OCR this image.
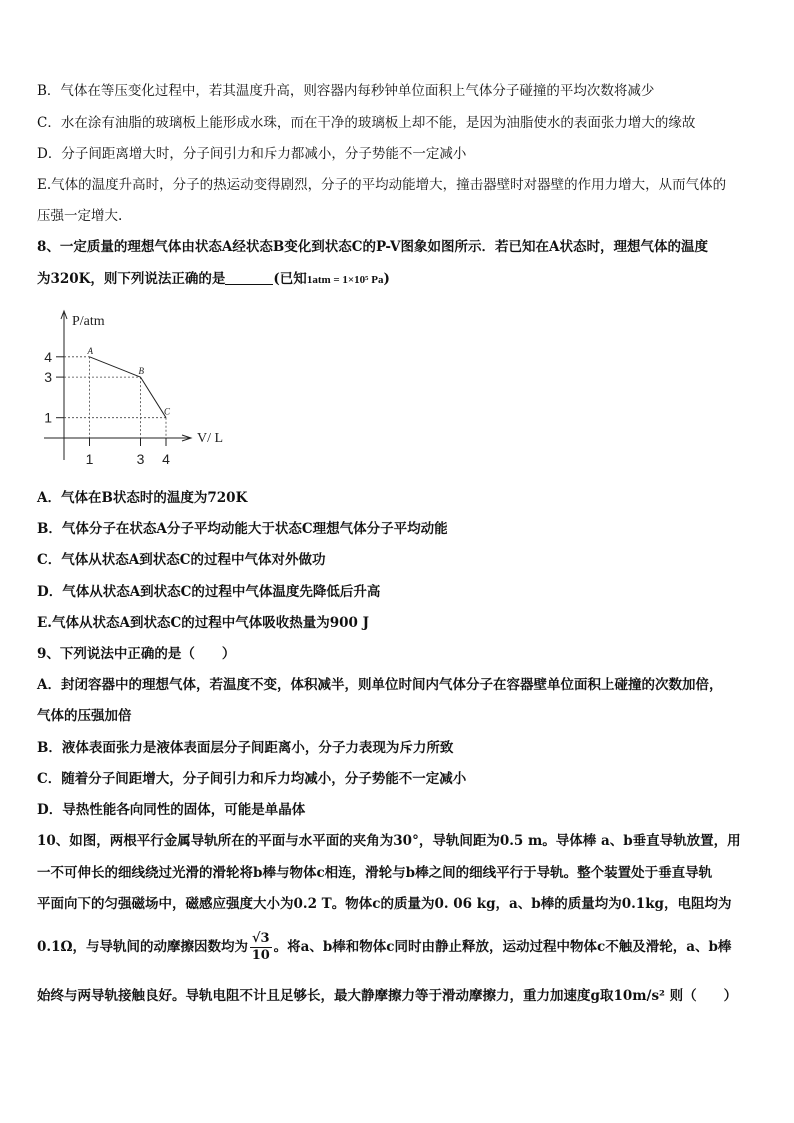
B．气体在等压变化过程中，若其温度升高，则容器内每秒钟单位面积上气体分子碰撞的平均次数将减少
C．水在涂有油脂的玻璃板上能形成水珠，而在干净的玻璃板上却不能，是因为油脂使水的表面张力增大的缘故
D．分子间距离增大时，分子间引力和斥力都减小，分子势能不一定减小
E.气体的温度升高时，分子的热运动变得剧烈，分子的平均动能增大，撞击器壁时对器壁的作用力增大，从而气体的
压强一定增大.
8、一定质量的理想气体由状态A经状态B变化到状态C的P-V图象如图所示．若已知在A状态时，理想气体的温度
为320K，则下列说法正确的是	(已知1atm = 1×10⁵ Pa)
P/atm
V/ L
1	3 4
4
3
1
A
B
C
A．气体在B状态时的温度为720K
B．气体分子在状态A分子平均动能大于状态C理想气体分子平均动能
C．气体从状态A到状态C的过程中气体对外做功
D．气体从状态A到状态C的过程中气体温度先降低后升高
E.气体从状态A到状态C的过程中气体吸收热量为900 J
9、下列说法中正确的是（　　）
A．封闭容器中的理想气体，若温度不变，体积减半，则单位时间内气体分子在容器壁单位面积上碰撞的次数加倍，
气体的压强加倍
B．液体表面张力是液体表面层分子间距离小，分子力表现为斥力所致
C．随着分子间距增大，分子间引力和斥力均减小，分子势能不一定减小
D．导热性能各向同性的固体，可能是单晶体
10、如图，两根平行金属导轨所在的平面与水平面的夹角为30°，导轨间距为0.5 m。导体棒 a、b垂直导轨放置，用
一不可伸长的细线绕过光滑的滑轮将b棒与物体c相连，滑轮与b棒之间的细线平行于导轨。整个装置处于垂直导轨
平面向下的匀强磁场中，磁感应强度大小为0.2 T。物体c的质量为0. 06 kg，a、b棒的质量均为0.1kg，电阻均为
0.1Ω，与导轨间的动摩擦因数均为 $\frac{√3}{10}$ 。将a、b棒和物体c同时由静止释放，运动过程中物体c不触及滑轮，a、b棒
始终与两导轨接触良好。导轨电阻不计且足够长，最大静摩擦力等于滑动摩擦力，重力加速度g取10m/s² 则（　　）
